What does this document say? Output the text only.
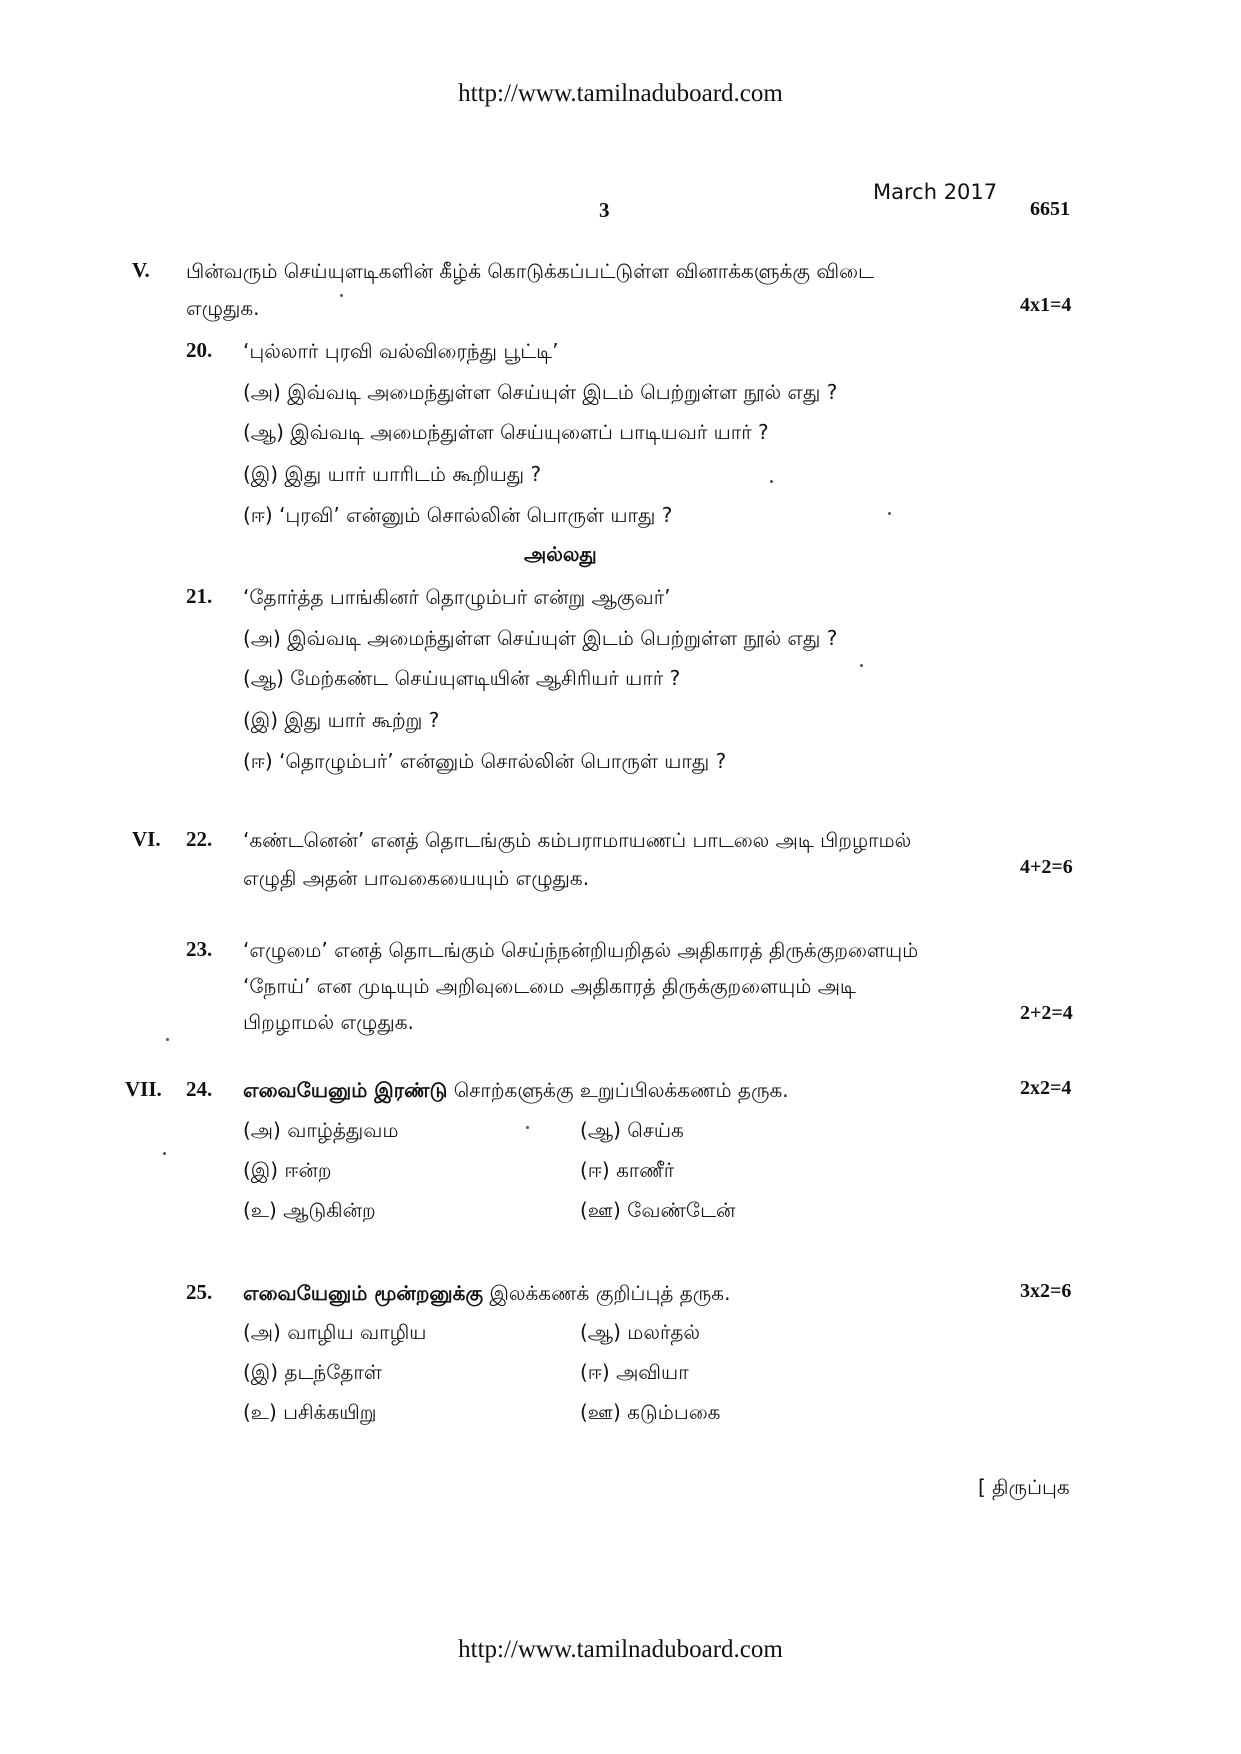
http://www.tamilnaduboard.com
3
March 2017
6651
V. பின்வரும் செய்யுளடிகளின் கீழ்க் கொடுக்கப்பட்டுள்ள வினாக்களுக்கு விடை
எழுதுக.	4x1=4
20. ‘புல்லார் புரவி வல்விரைந்து பூட்டி’
(அ) இவ்வடி அமைந்துள்ள செய்யுள் இடம் பெற்றுள்ள நூல் எது ?
(ஆ) இவ்வடி அமைந்துள்ள செய்யுளைப் பாடியவர் யார் ?
(இ) இது யார் யாரிடம் கூறியது ?
(ஈ) ‘புரவி’ என்னும் சொல்லின் பொருள் யாது ?
அல்லது
21. ‘தோர்த்த பாங்கினர் தொழும்பர் என்று ஆகுவர்’
(அ) இவ்வடி அமைந்துள்ள செய்யுள் இடம் பெற்றுள்ள நூல் எது ?
(ஆ) மேற்கண்ட செய்யுளடியின் ஆசிரியர் யார் ?
(இ) இது யார் கூற்று ?
(ஈ) ‘தொழும்பர்’ என்னும் சொல்லின் பொருள் யாது ?
VI. 22. ‘கண்டனென்’ எனத் தொடங்கும் கம்பராமாயணப் பாடலை அடி பிறழாமல்
எழுதி அதன் பாவகையையும் எழுதுக.	4+2=6
23. ‘எழுமை’ எனத் தொடங்கும் செய்ந்நன்றியறிதல் அதிகாரத் திருக்குறளையும்
‘நோய்’ என முடியும் அறிவுடைமை அதிகாரத் திருக்குறளையும் அடி
பிறழாமல் எழுதுக.	2+2=4
VII. 24. எவையேனும் இரண்டு சொற்களுக்கு உறுப்பிலக்கணம் தருக.	2x2=4
(அ) வாழ்த்துவம	(ஆ) செய்க
(இ) ஈன்ற	(ஈ) காணீர்
(உ) ஆடுகின்ற	(ஊ) வேண்டேன்
25. எவையேனும் மூன்றனுக்கு இலக்கணக் குறிப்புத் தருக.	3x2=6
(அ) வாழிய வாழிய	(ஆ) மலர்தல்
(இ) தடந்தோள்	(ஈ) அவியா
(உ) பசிக்கயிறு	(ஊ) கடும்பகை
[ திருப்புக
http://www.tamilnaduboard.com
